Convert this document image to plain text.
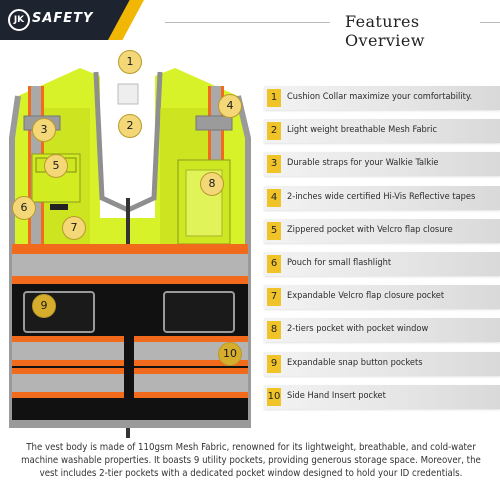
JK SAFETY	Features Overview
1
2
3
4
5
6
7
8
9
10
1	Cushion Collar maximize your comfortability.
2	Light weight breathable Mesh Fabric
3	Durable straps for your Walkie Talkie
4	2-inches wide certified Hi-Vis Reflective tapes
5	Zippered pocket with Velcro flap closure
6	Pouch for small flashlight
7	Expandable Velcro flap closure pocket
8	2-tiers pocket with pocket window
9	Expandable snap button pockets
10 Side Hand Insert pocket
The vest body is made of 110gsm Mesh Fabric, renowned for its lightweight, breathable, and cold-water machine washable properties. It boasts 9 utility pockets, providing generous storage space. Moreover, the vest includes 2-tier pockets with a dedicated pocket window designed to hold your ID credentials.
